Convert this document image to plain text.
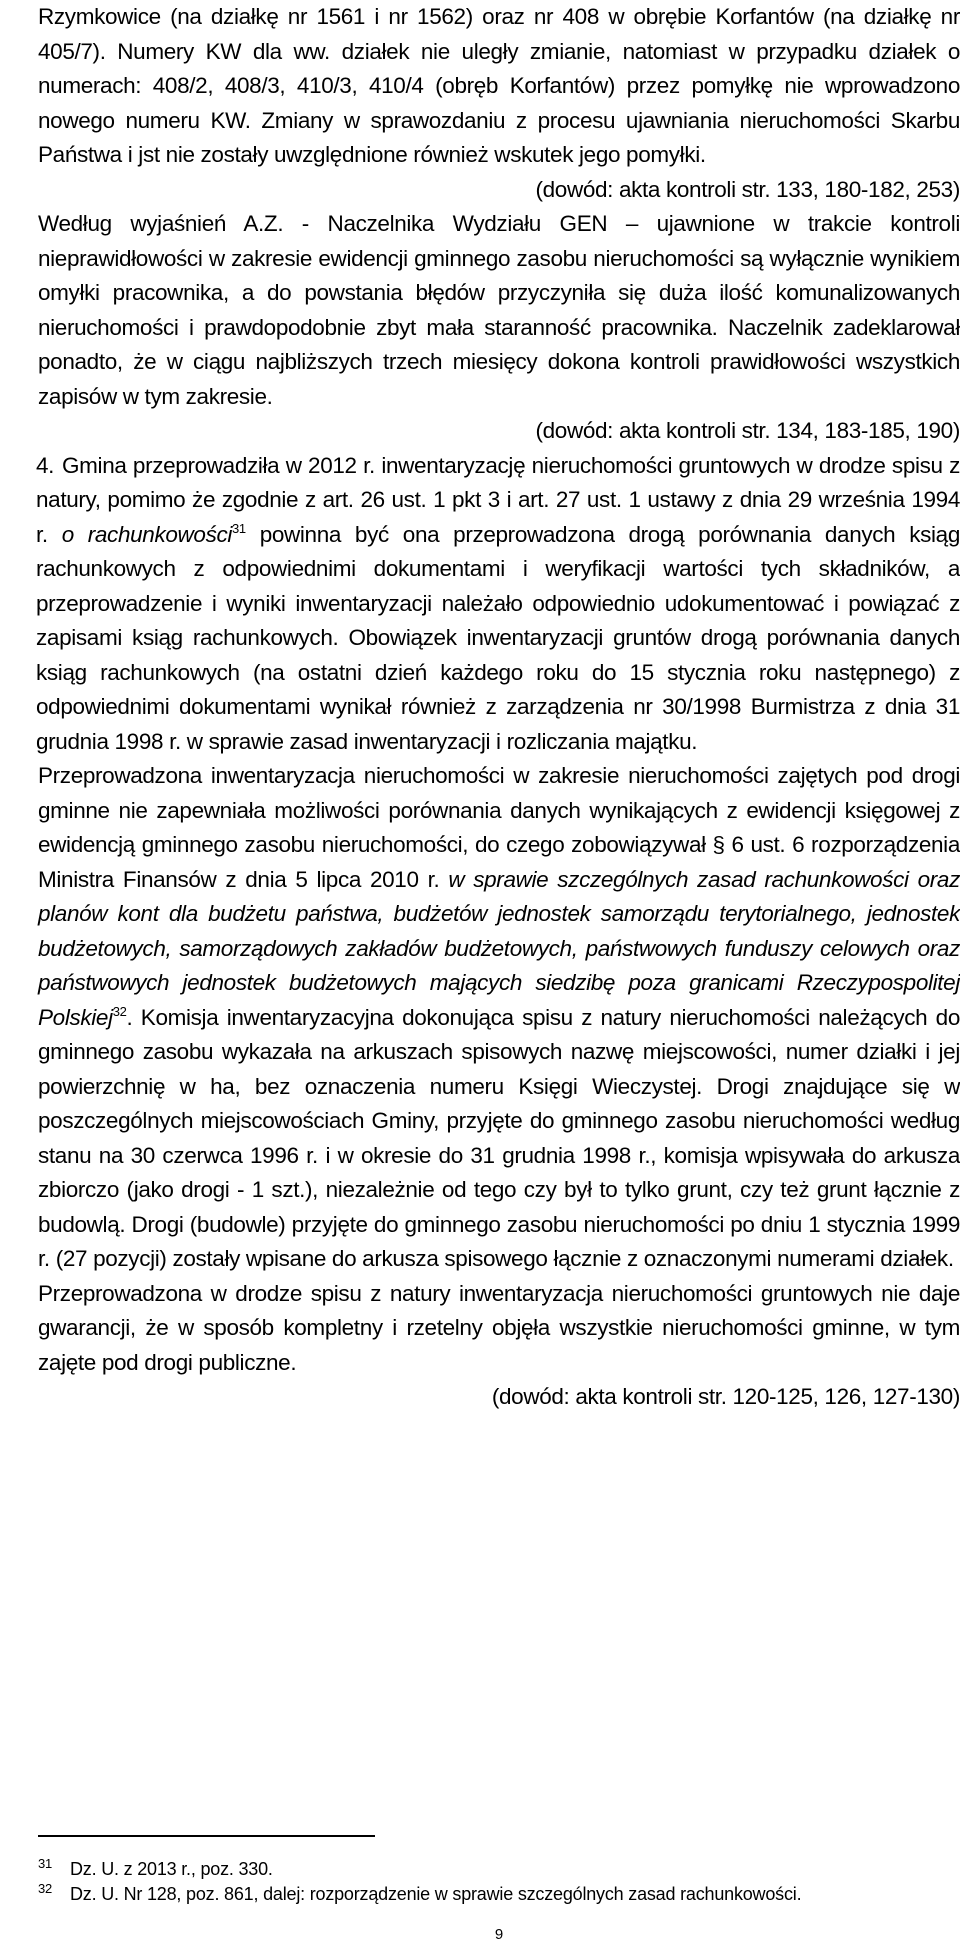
Rzymkowice (na działkę nr 1561 i nr 1562) oraz nr 408 w obrębie Korfantów (na działkę nr 405/7). Numery KW dla ww. działek nie uległy zmianie, natomiast w przypadku działek o numerach: 408/2, 408/3, 410/3, 410/4 (obręb Korfantów) przez pomyłkę nie wprowadzono nowego numeru KW. Zmiany w sprawozdaniu z procesu ujawniania nieruchomości Skarbu Państwa i jst nie zostały uwzględnione również wskutek jego pomyłki.

(dowód: akta kontroli str. 133, 180-182, 253)

Według wyjaśnień A.Z. - Naczelnika Wydziału GEN – ujawnione w trakcie kontroli nieprawidłowości w zakresie ewidencji gminnego zasobu nieruchomości są wyłącznie wynikiem omyłki pracownika, a do powstania błędów przyczyniła się duża ilość komunalizowanych nieruchomości i prawdopodobnie zbyt mała staranność pracownika. Naczelnik zadeklarował ponadto, że w ciągu najbliższych trzech miesięcy dokona kontroli prawidłowości wszystkich zapisów w tym zakresie.

(dowód: akta kontroli str. 134, 183-185, 190)

4. Gmina przeprowadziła w 2012 r. inwentaryzację nieruchomości gruntowych w drodze spisu z natury, pomimo że zgodnie z art. 26 ust. 1 pkt 3 i art. 27 ust. 1 ustawy z dnia 29 września 1994 r. o rachunkowości$^{31}$ powinna być ona przeprowadzona drogą porównania danych ksiąg rachunkowych z odpowiednimi dokumentami i weryfikacji wartości tych składników, a przeprowadzenie i wyniki inwentaryzacji należało odpowiednio udokumentować i powiązać z zapisami ksiąg rachunkowych. Obowiązek inwentaryzacji gruntów drogą porównania danych ksiąg rachunkowych (na ostatni dzień każdego roku do 15 stycznia roku następnego) z odpowiednimi dokumentami wynikał również z zarządzenia nr 30/1998 Burmistrza z dnia 31 grudnia 1998 r. w sprawie zasad inwentaryzacji i rozliczania majątku.

Przeprowadzona inwentaryzacja nieruchomości w zakresie nieruchomości zajętych pod drogi gminne nie zapewniała możliwości porównania danych wynikających z ewidencji księgowej z ewidencją gminnego zasobu nieruchomości, do czego zobowiązywał § 6 ust. 6 rozporządzenia Ministra Finansów z dnia 5 lipca 2010 r. w sprawie szczególnych zasad rachunkowości oraz planów kont dla budżetu państwa, budżetów jednostek samorządu terytorialnego, jednostek budżetowych, samorządowych zakładów budżetowych, państwowych funduszy celowych oraz państwowych jednostek budżetowych mających siedzibę poza granicami Rzeczypospolitej Polskiej$^{32}$. Komisja inwentaryzacyjna dokonująca spisu z natury nieruchomości należących do gminnego zasobu wykazała na arkuszach spisowych nazwę miejscowości, numer działki i jej powierzchnię w ha, bez oznaczenia numeru Księgi Wieczystej. Drogi znajdujące się w poszczególnych miejscowościach Gminy, przyjęte do gminnego zasobu nieruchomości według stanu na 30 czerwca 1996 r. i w okresie do 31 grudnia 1998 r., komisja wpisywała do arkusza zbiorczo (jako drogi - 1 szt.), niezależnie od tego czy był to tylko grunt, czy też grunt łącznie z budowlą. Drogi (budowle) przyjęte do gminnego zasobu nieruchomości po dniu 1 stycznia 1999 r. (27 pozycji) zostały wpisane do arkusza spisowego łącznie z oznaczonymi numerami działek.

Przeprowadzona w drodze spisu z natury inwentaryzacja nieruchomości gruntowych nie daje gwarancji, że w sposób kompletny i rzetelny objęła wszystkie nieruchomości gminne, w tym zajęte pod drogi publiczne.

(dowód: akta kontroli str. 120-125, 126, 127-130)

31 Dz. U. z 2013 r., poz. 330.
32 Dz. U. Nr 128, poz. 861, dalej: rozporządzenie w sprawie szczególnych zasad rachunkowości.
9
